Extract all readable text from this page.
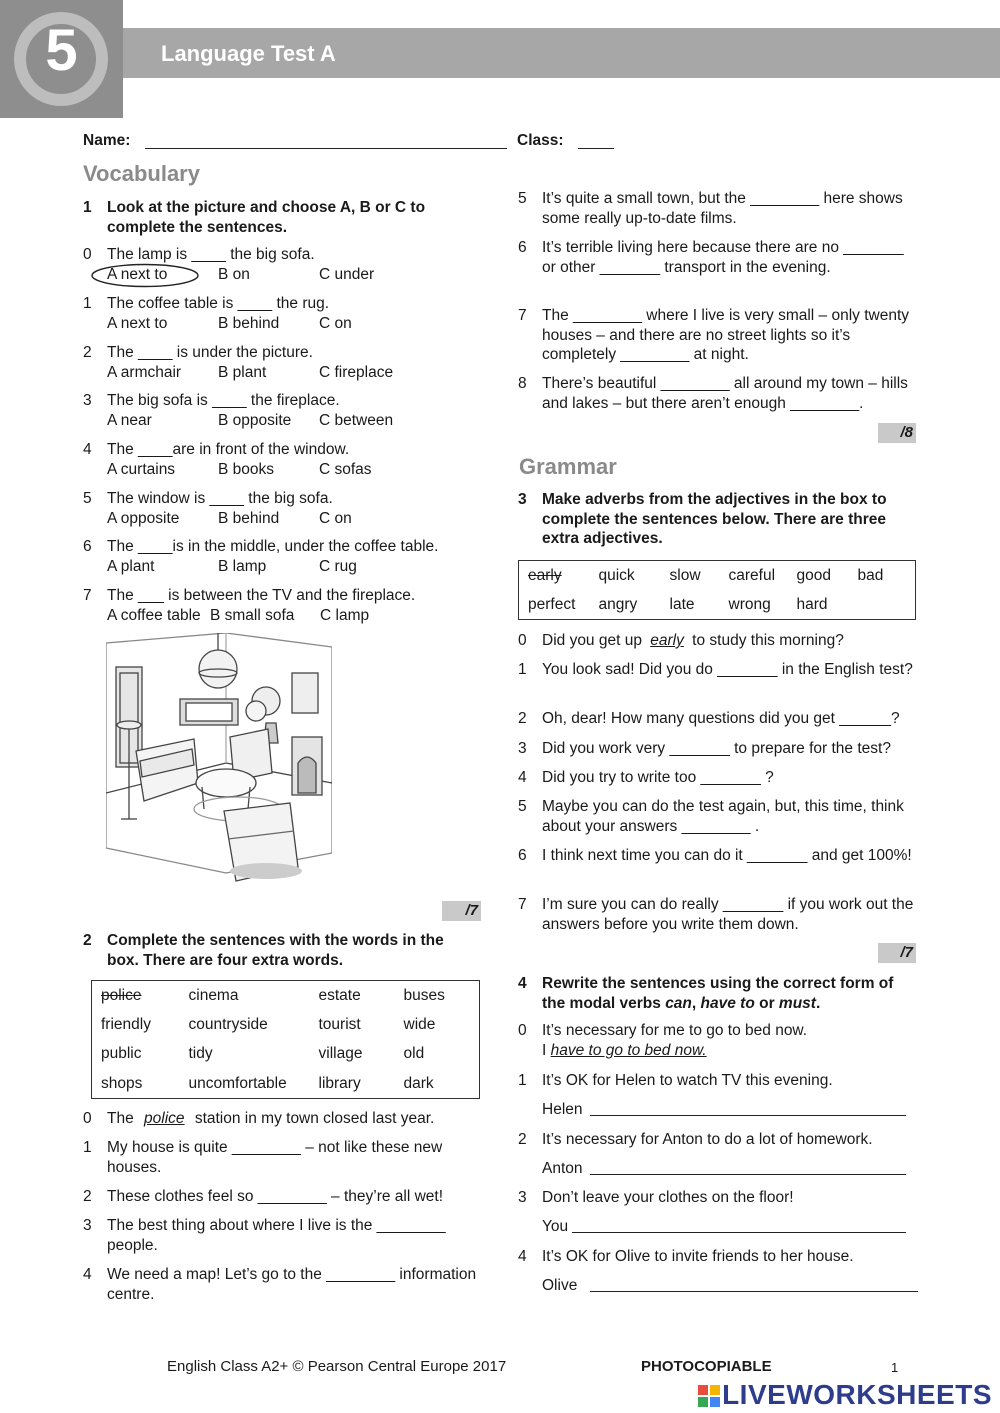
5	Language Test A
Name:	Class:
Vocabulary
1 Look at the picture and choose A, B or C to complete the sentences.
0 The lamp is ____ the big sofa.
A next to	B on	C under
1 The coffee table is ____ the rug.
A next to	B behind	C on
2 The ____ is under the picture.
A armchair B plant	C fireplace
3 The big sofa is ____ the fireplace.
A near	B opposite C between
4 The ____are in front of the window.
A curtains	B books	C sofas
5 The window is ____ the big sofa.
A opposite B behind	C on
6 The ____is in the middle, under the coffee table.
A plant	B lamp	C rug
7 The ___ is between the TV and the fireplace.
A coffee table B small sofa C lamp
/7
2 Complete the sentences with the words in the box. There are four extra words.
police	cinema	estate	buses
friendly	countryside	tourist	wide
public	tidy	village	old
shops	uncomfortable	library	dark
0 The police station in my town closed last year.
1 My house is quite ________ – not like these new houses.
2 These clothes feel so ________ – they’re all wet!
3 The best thing about where I live is the ________ people.
4 We need a map! Let’s go to the ________ information centre.
5 It’s quite a small town, but the ________ here shows some really up-to-date films.
6 It’s terrible living here because there are no _______ or other _______ transport in the evening.
7 The ________ where I live is very small – only twenty houses – and there are no street lights so it’s completely ________ at night.
8 There’s beautiful ________ all around my town – hills and lakes – but there aren’t enough ________.
/8
Grammar
3 Make adverbs from the adjectives in the box to complete the sentences below. There are three extra adjectives.
early	quick	slow	careful	good	bad
perfect	angry	late	wrong	hard	
0 Did you get up early to study this morning?
1 You look sad! Did you do _______ in the English test?
2 Oh, dear! How many questions did you get ______?
3 Did you work very _______ to prepare for the test?
4 Did you try to write too _______ ?
5 Maybe you can do the test again, but, this time, think about your answers ________ .
6 I think next time you can do it _______ and get 100%!
7 I’m sure you can do really _______ if you work out the answers before you write them down.
/7
4 Rewrite the sentences using the correct form of the modal verbs can, have to or must.
0 It’s necessary for me to go to bed now.
I have to go to bed now.
1 It’s OK for Helen to watch TV this evening.
Helen
2 It’s necessary for Anton to do a lot of homework.
Anton
3 Don’t leave your clothes on the floor!
You
4 It’s OK for Olive to invite friends to her house.
Olive
English Class A2+ © Pearson Central Europe 2017	PHOTOCOPIABLE	1
LIVEWORKSHEETS
